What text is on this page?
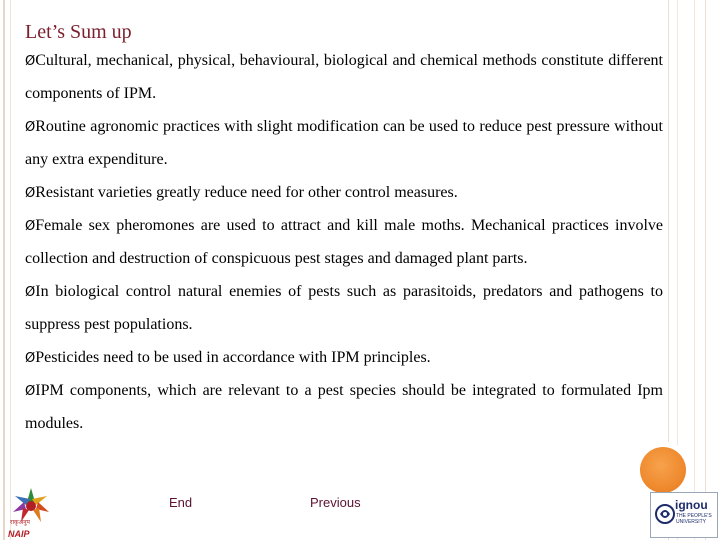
Let’s Sum up
ØCultural, mechanical, physical, behavioural, biological and chemical methods constitute different components of IPM.
ØRoutine agronomic practices with slight modification can be used to reduce pest pressure without any extra expenditure.
ØResistant varieties greatly reduce need for other control measures.
ØFemale sex pheromones are used to attract and kill male moths. Mechanical practices involve collection and destruction of conspicuous pest stages and damaged plant parts.
ØIn biological control natural enemies of pests such as parasitoids, predators and pathogens to suppress pest populations.
ØPesticides need to be used in accordance with IPM principles.
ØIPM components, which are relevant to a pest species should be integrated to formulated Ipm modules.
End	Previous
राकृअनुप
NAIP
ignou
THE PEOPLE'S UNIVERSITY
